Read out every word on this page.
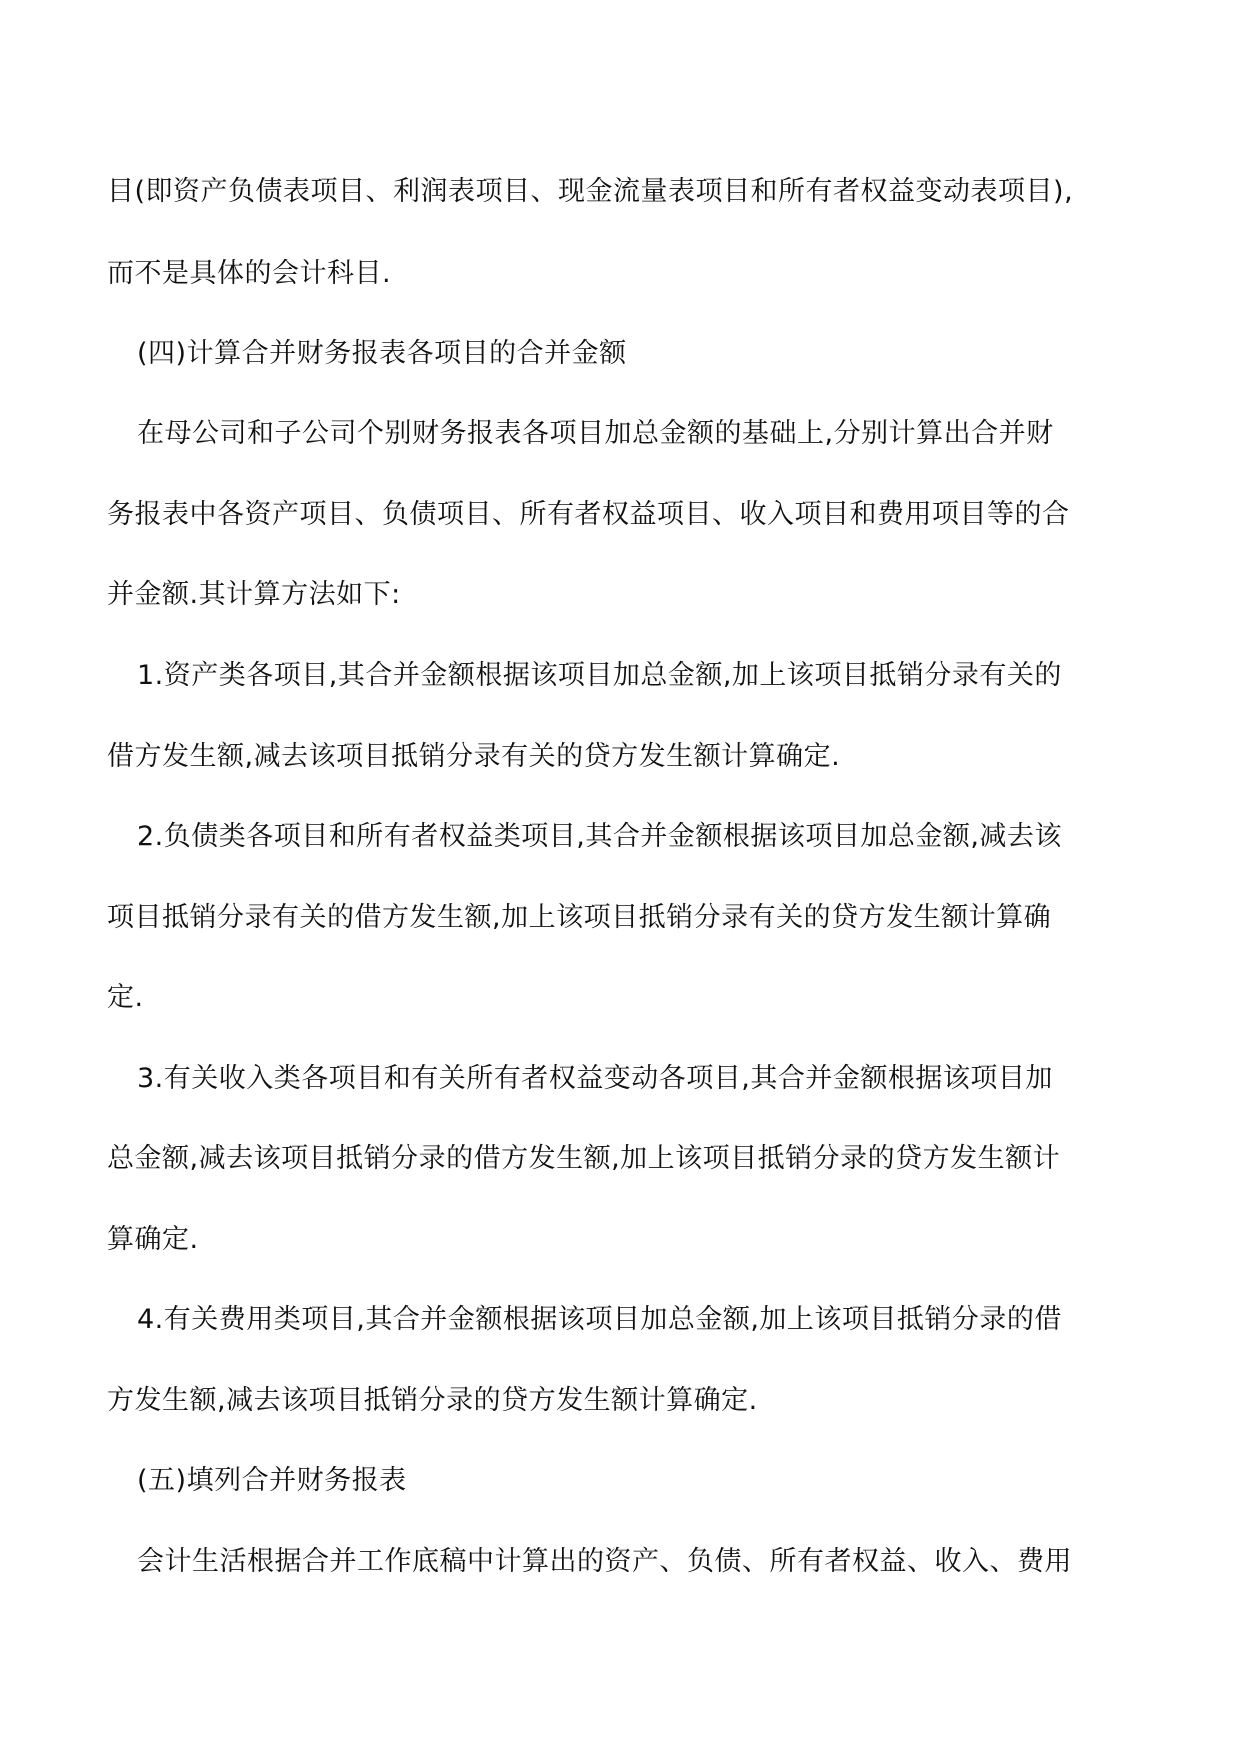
目(即资产负债表项目、利润表项目、现金流量表项目和所有者权益变动表项目),

而不是具体的会计科目.

(四)计算合并财务报表各项目的合并金额

在母公司和子公司个别财务报表各项目加总金额的基础上,分别计算出合并财

务报表中各资产项目、负债项目、所有者权益项目、收入项目和费用项目等的合

并金额.其计算方法如下:

1.资产类各项目,其合并金额根据该项目加总金额,加上该项目抵销分录有关的

借方发生额,减去该项目抵销分录有关的贷方发生额计算确定.

2.负债类各项目和所有者权益类项目,其合并金额根据该项目加总金额,减去该

项目抵销分录有关的借方发生额,加上该项目抵销分录有关的贷方发生额计算确

定.

3.有关收入类各项目和有关所有者权益变动各项目,其合并金额根据该项目加

总金额,减去该项目抵销分录的借方发生额,加上该项目抵销分录的贷方发生额计

算确定.

4.有关费用类项目,其合并金额根据该项目加总金额,加上该项目抵销分录的借

方发生额,减去该项目抵销分录的贷方发生额计算确定.

(五)填列合并财务报表

会计生活根据合并工作底稿中计算出的资产、负债、所有者权益、收入、费用
